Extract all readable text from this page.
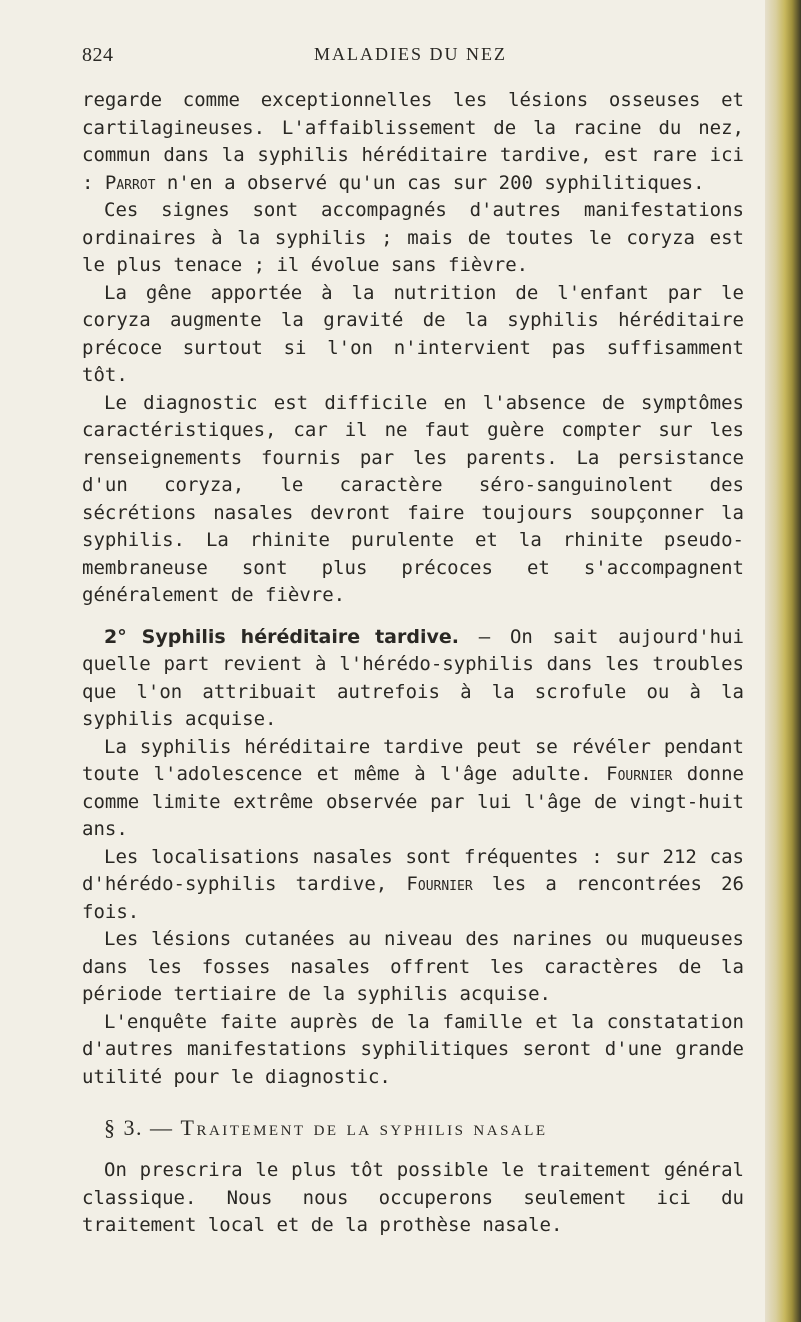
824	MALADIES DU NEZ

regarde comme exceptionnelles les lésions osseuses et cartilagineuses. L'affaiblissement de la racine du nez, commun dans la syphilis héréditaire tardive, est rare ici : Parrot n'en a observé qu'un cas sur 200 syphilitiques.

Ces signes sont accompagnés d'autres manifestations ordinaires à la syphilis ; mais de toutes le coryza est le plus tenace ; il évolue sans fièvre.

La gêne apportée à la nutrition de l'enfant par le coryza augmente la gravité de la syphilis héréditaire précoce surtout si l'on n'intervient pas suffisamment tôt.

Le diagnostic est difficile en l'absence de symptômes caractéristiques, car il ne faut guère compter sur les renseignements fournis par les parents. La persistance d'un coryza, le caractère séro-sanguinolent des sécrétions nasales devront faire toujours soupçonner la syphilis. La rhinite purulente et la rhinite pseudo-membraneuse sont plus précoces et s'accompagnent généralement de fièvre.

2° Syphilis héréditaire tardive. — On sait aujourd'hui quelle part revient à l'hérédo-syphilis dans les troubles que l'on attribuait autrefois à la scrofule ou à la syphilis acquise.

La syphilis héréditaire tardive peut se révéler pendant toute l'adolescence et même à l'âge adulte. Fournier donne comme limite extrême observée par lui l'âge de vingt-huit ans.

Les localisations nasales sont fréquentes : sur 212 cas d'hérédo-syphilis tardive, Fournier les a rencontrées 26 fois.

Les lésions cutanées au niveau des narines ou muqueuses dans les fosses nasales offrent les caractères de la période tertiaire de la syphilis acquise.

L'enquête faite auprès de la famille et la constatation d'autres manifestations syphilitiques seront d'une grande utilité pour le diagnostic.

§ 3. — Traitement de la syphilis nasale

On prescrira le plus tôt possible le traitement général classique. Nous nous occuperons seulement ici du traitement local et de la prothèse nasale.
